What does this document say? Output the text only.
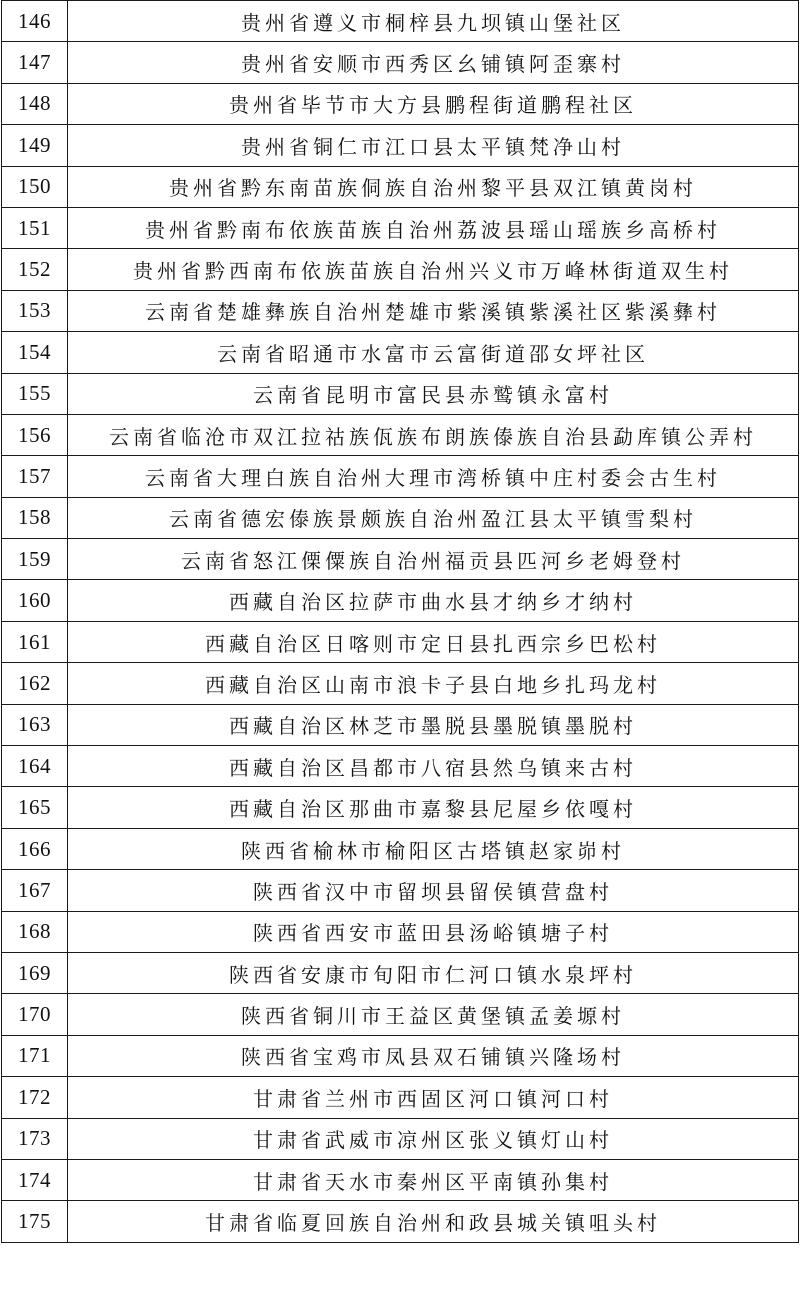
146	贵州省遵义市桐梓县九坝镇山堡社区
147	贵州省安顺市西秀区幺铺镇阿歪寨村
148	贵州省毕节市大方县鹏程街道鹏程社区
149	贵州省铜仁市江口县太平镇梵净山村
150	贵州省黔东南苗族侗族自治州黎平县双江镇黄岗村
151	贵州省黔南布依族苗族自治州荔波县瑶山瑶族乡高桥村
152	贵州省黔西南布依族苗族自治州兴义市万峰林街道双生村
153	云南省楚雄彝族自治州楚雄市紫溪镇紫溪社区紫溪彝村
154	云南省昭通市水富市云富街道邵女坪社区
155	云南省昆明市富民县赤鹫镇永富村
156	云南省临沧市双江拉祜族佤族布朗族傣族自治县勐库镇公弄村
157	云南省大理白族自治州大理市湾桥镇中庄村委会古生村
158	云南省德宏傣族景颇族自治州盈江县太平镇雪梨村
159	云南省怒江傈僳族自治州福贡县匹河乡老姆登村
160	西藏自治区拉萨市曲水县才纳乡才纳村
161	西藏自治区日喀则市定日县扎西宗乡巴松村
162	西藏自治区山南市浪卡子县白地乡扎玛龙村
163	西藏自治区林芝市墨脱县墨脱镇墨脱村
164	西藏自治区昌都市八宿县然乌镇来古村
165	西藏自治区那曲市嘉黎县尼屋乡依嘎村
166	陕西省榆林市榆阳区古塔镇赵家峁村
167	陕西省汉中市留坝县留侯镇营盘村
168	陕西省西安市蓝田县汤峪镇塘子村
169	陕西省安康市旬阳市仁河口镇水泉坪村
170	陕西省铜川市王益区黄堡镇孟姜塬村
171	陕西省宝鸡市凤县双石铺镇兴隆场村
172	甘肃省兰州市西固区河口镇河口村
173	甘肃省武威市凉州区张义镇灯山村
174	甘肃省天水市秦州区平南镇孙集村
175	甘肃省临夏回族自治州和政县城关镇咀头村
